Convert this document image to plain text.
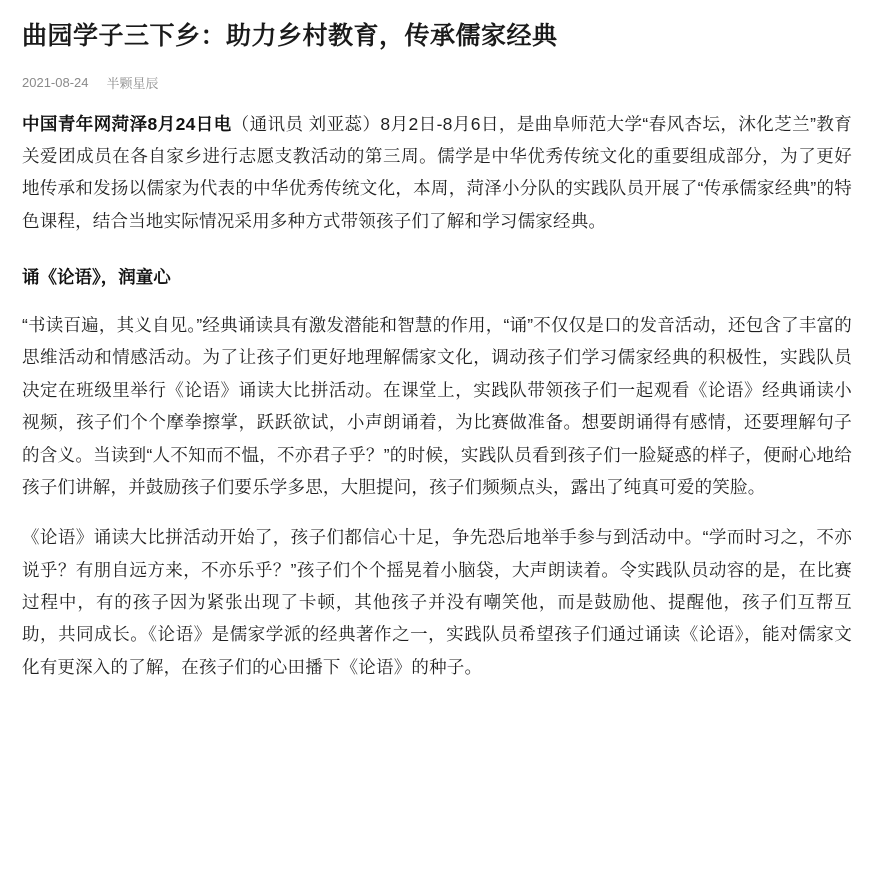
曲园学子三下乡：助力乡村教育，传承儒家经典
2021-08-24 半颗星辰

中国青年网菏泽8月24日电（通讯员 刘亚蕊）8月2日-8月6日，是曲阜师范大学“春风杏坛，沐化芝兰”教育关爱团成员在各自家乡进行志愿支教活动的第三周。儒学是中华优秀传统文化的重要组成部分，为了更好地传承和发扬以儒家为代表的中华优秀传统文化，本周，菏泽小分队的实践队员开展了“传承儒家经典”的特色课程，结合当地实际情况采用多种方式带领孩子们了解和学习儒家经典。

诵《论语》，润童心

“书读百遍，其义自见。”经典诵读具有激发潜能和智慧的作用，“诵”不仅仅是口的发音活动，还包含了丰富的思维活动和情感活动。为了让孩子们更好地理解儒家文化，调动孩子们学习儒家经典的积极性，实践队员决定在班级里举行《论语》诵读大比拼活动。在课堂上，实践队带领孩子们一起观看《论语》经典诵读小视频，孩子们个个摩拳擦掌，跃跃欲试，小声朗诵着，为比赛做准备。想要朗诵得有感情，还要理解句子的含义。当读到“人不知而不愠，不亦君子乎？”的时候，实践队员看到孩子们一脸疑惑的样子，便耐心地给孩子们讲解，并鼓励孩子们要乐学多思，大胆提问，孩子们频频点头，露出了纯真可爱的笑脸。

《论语》诵读大比拼活动开始了，孩子们都信心十足，争先恐后地举手参与到活动中。“学而时习之，不亦说乎？有朋自远方来，不亦乐乎？”孩子们个个摇晃着小脑袋，大声朗读着。令实践队员动容的是，在比赛过程中，有的孩子因为紧张出现了卡顿，其他孩子并没有嘲笑他，而是鼓励他、提醒他，孩子们互帮互助，共同成长。《论语》是儒家学派的经典著作之一，实践队员希望孩子们通过诵读《论语》，能对儒家文化有更深入的了解，在孩子们的心田播下《论语》的种子。
